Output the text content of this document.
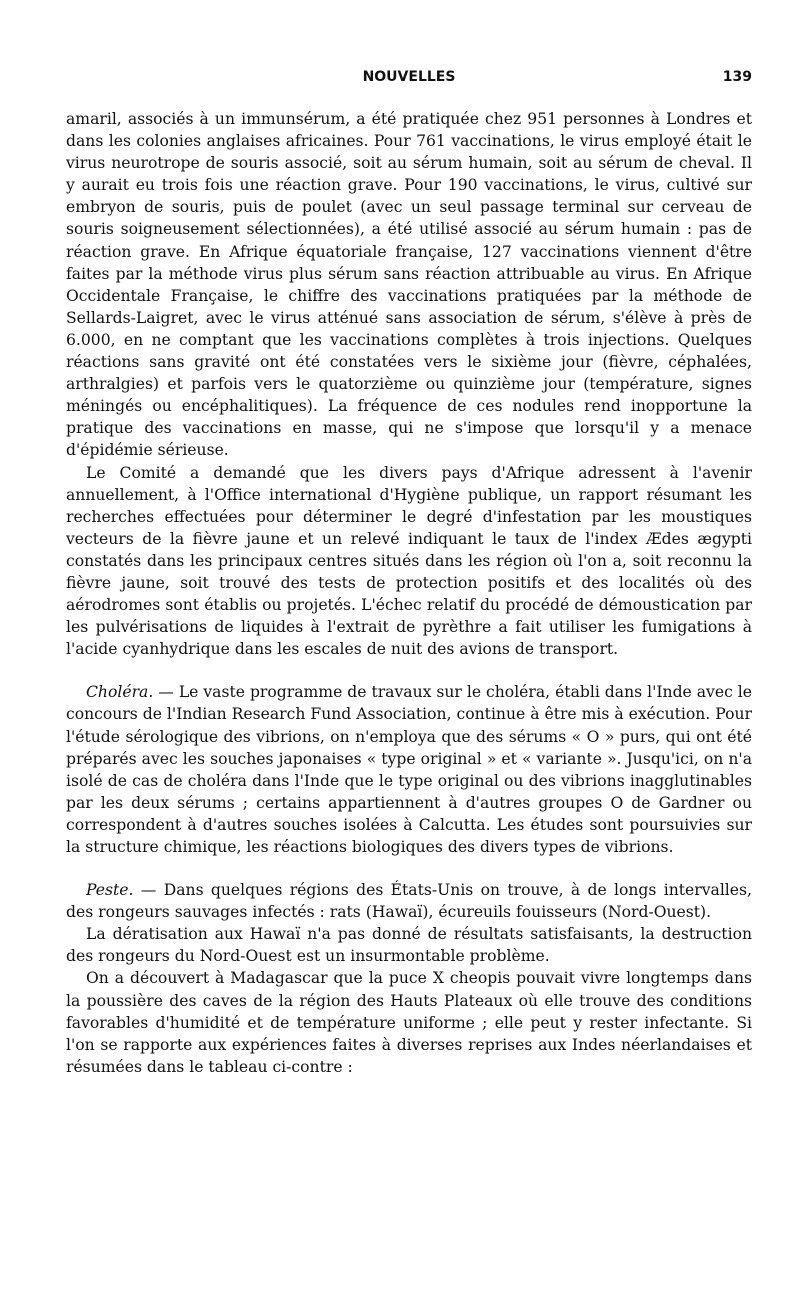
NOUVELLES	139

amaril, associés à un immunsérum, a été pratiquée chez 951 personnes à Londres et dans les colonies anglaises africaines. Pour 761 vaccinations, le virus employé était le virus neurotrope de souris associé, soit au sérum humain, soit au sérum de cheval. Il y aurait eu trois fois une réaction grave. Pour 190 vaccinations, le virus, cultivé sur embryon de souris, puis de poulet (avec un seul passage terminal sur cerveau de souris soigneusement sélectionnées), a été utilisé associé au sérum humain : pas de réaction grave. En Afrique équatoriale française, 127 vaccinations viennent d'être faites par la méthode virus plus sérum sans réaction attribuable au virus. En Afrique Occidentale Française, le chiffre des vaccinations pratiquées par la méthode de Sellards-Laigret, avec le virus atténué sans association de sérum, s'élève à près de 6.000, en ne comptant que les vaccinations complètes à trois injections. Quelques réactions sans gravité ont été constatées vers le sixième jour (fièvre, céphalées, arthralgies) et parfois vers le quatorzième ou quinzième jour (température, signes méningés ou encéphalitiques). La fréquence de ces nodules rend inopportune la pratique des vaccinations en masse, qui ne s'impose que lorsqu'il y a menace d'épidémie sérieuse.

Le Comité a demandé que les divers pays d'Afrique adressent à l'avenir annuellement, à l'Office international d'Hygiène publique, un rapport résumant les recherches effectuées pour déterminer le degré d'infestation par les moustiques vecteurs de la fièvre jaune et un relevé indiquant le taux de l'index Ædes ægypti constatés dans les principaux centres situés dans les région où l'on a, soit reconnu la fièvre jaune, soit trouvé des tests de protection positifs et des localités où des aérodromes sont établis ou projetés. L'échec relatif du procédé de démoustication par les pulvérisations de liquides à l'extrait de pyrèthre a fait utiliser les fumigations à l'acide cyanhydrique dans les escales de nuit des avions de transport.

Choléra. — Le vaste programme de travaux sur le choléra, établi dans l'Inde avec le concours de l'Indian Research Fund Association, continue à être mis à exécution. Pour l'étude sérologique des vibrions, on n'employa que des sérums « O » purs, qui ont été préparés avec les souches japonaises « type original » et « variante ». Jusqu'ici, on n'a isolé de cas de choléra dans l'Inde que le type original ou des vibrions inagglutinables par les deux sérums ; certains appartiennent à d'autres groupes O de Gardner ou correspondent à d'autres souches isolées à Calcutta. Les études sont poursuivies sur la structure chimique, les réactions biologiques des divers types de vibrions.

Peste. — Dans quelques régions des États-Unis on trouve, à de longs intervalles, des rongeurs sauvages infectés : rats (Hawaï), écureuils fouisseurs (Nord-Ouest).

La dératisation aux Hawaï n'a pas donné de résultats satisfaisants, la destruction des rongeurs du Nord-Ouest est un insurmontable problème.

On a découvert à Madagascar que la puce X cheopis pouvait vivre longtemps dans la poussière des caves de la région des Hauts Plateaux où elle trouve des conditions favorables d'humidité et de température uniforme ; elle peut y rester infectante. Si l'on se rapporte aux expériences faites à diverses reprises aux Indes néerlandaises et résumées dans le tableau ci-contre :
